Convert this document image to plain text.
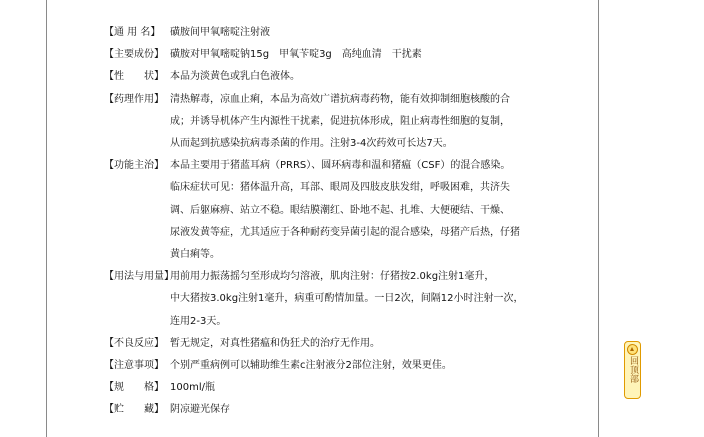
【通 用 名】 磺胺间甲氧嘧啶注射液
【主要成份】 磺胺对甲氧嘧啶钠15g　甲氧苄啶3g　高纯血清　干扰素
【性　　状】 本品为淡黄色或乳白色液体。
【药理作用】 清热解毒，凉血止痢，本品为高效广谱抗病毒药物，能有效抑制细胞核酸的合
成；并诱导机体产生内源性干扰素，促进抗体形成，阻止病毒性细胞的复制，
从而起到抗感染抗病毒杀菌的作用。注射3-4次药效可长达7天。
【功能主治】 本品主要用于猪蓝耳病（PRRS）、圆环病毒和温和猪瘟（CSF）的混合感染。
临床症状可见：猪体温升高，耳部、眼周及四肢皮肤发绀，呼吸困难，共济失
调、后躯麻痹、站立不稳。眼结膜潮红、卧地不起、扎堆、大便硬结、干燥、
尿液发黄等症，尤其适应于各种耐药变异菌引起的混合感染，母猪产后热，仔猪
黄白痢等。
【用法与用量】
用前用力振荡摇匀至形成均匀溶液，肌肉注射：仔猪按2.0kg注射1毫升，
中大猪按3.0kg注射1毫升，病重可酌情加量。一日2次，间隔12小时注射一次，
连用2-3天。
【不良反应】 暂无规定，对真性猪瘟和伪狂犬的治疗无作用。
【注意事项】 个别严重病例可以辅助维生素c注射液分2部位注射，效果更佳。
【规　　格】 100ml/瓶
【贮　　藏】 阴凉避光保存
回顶部
